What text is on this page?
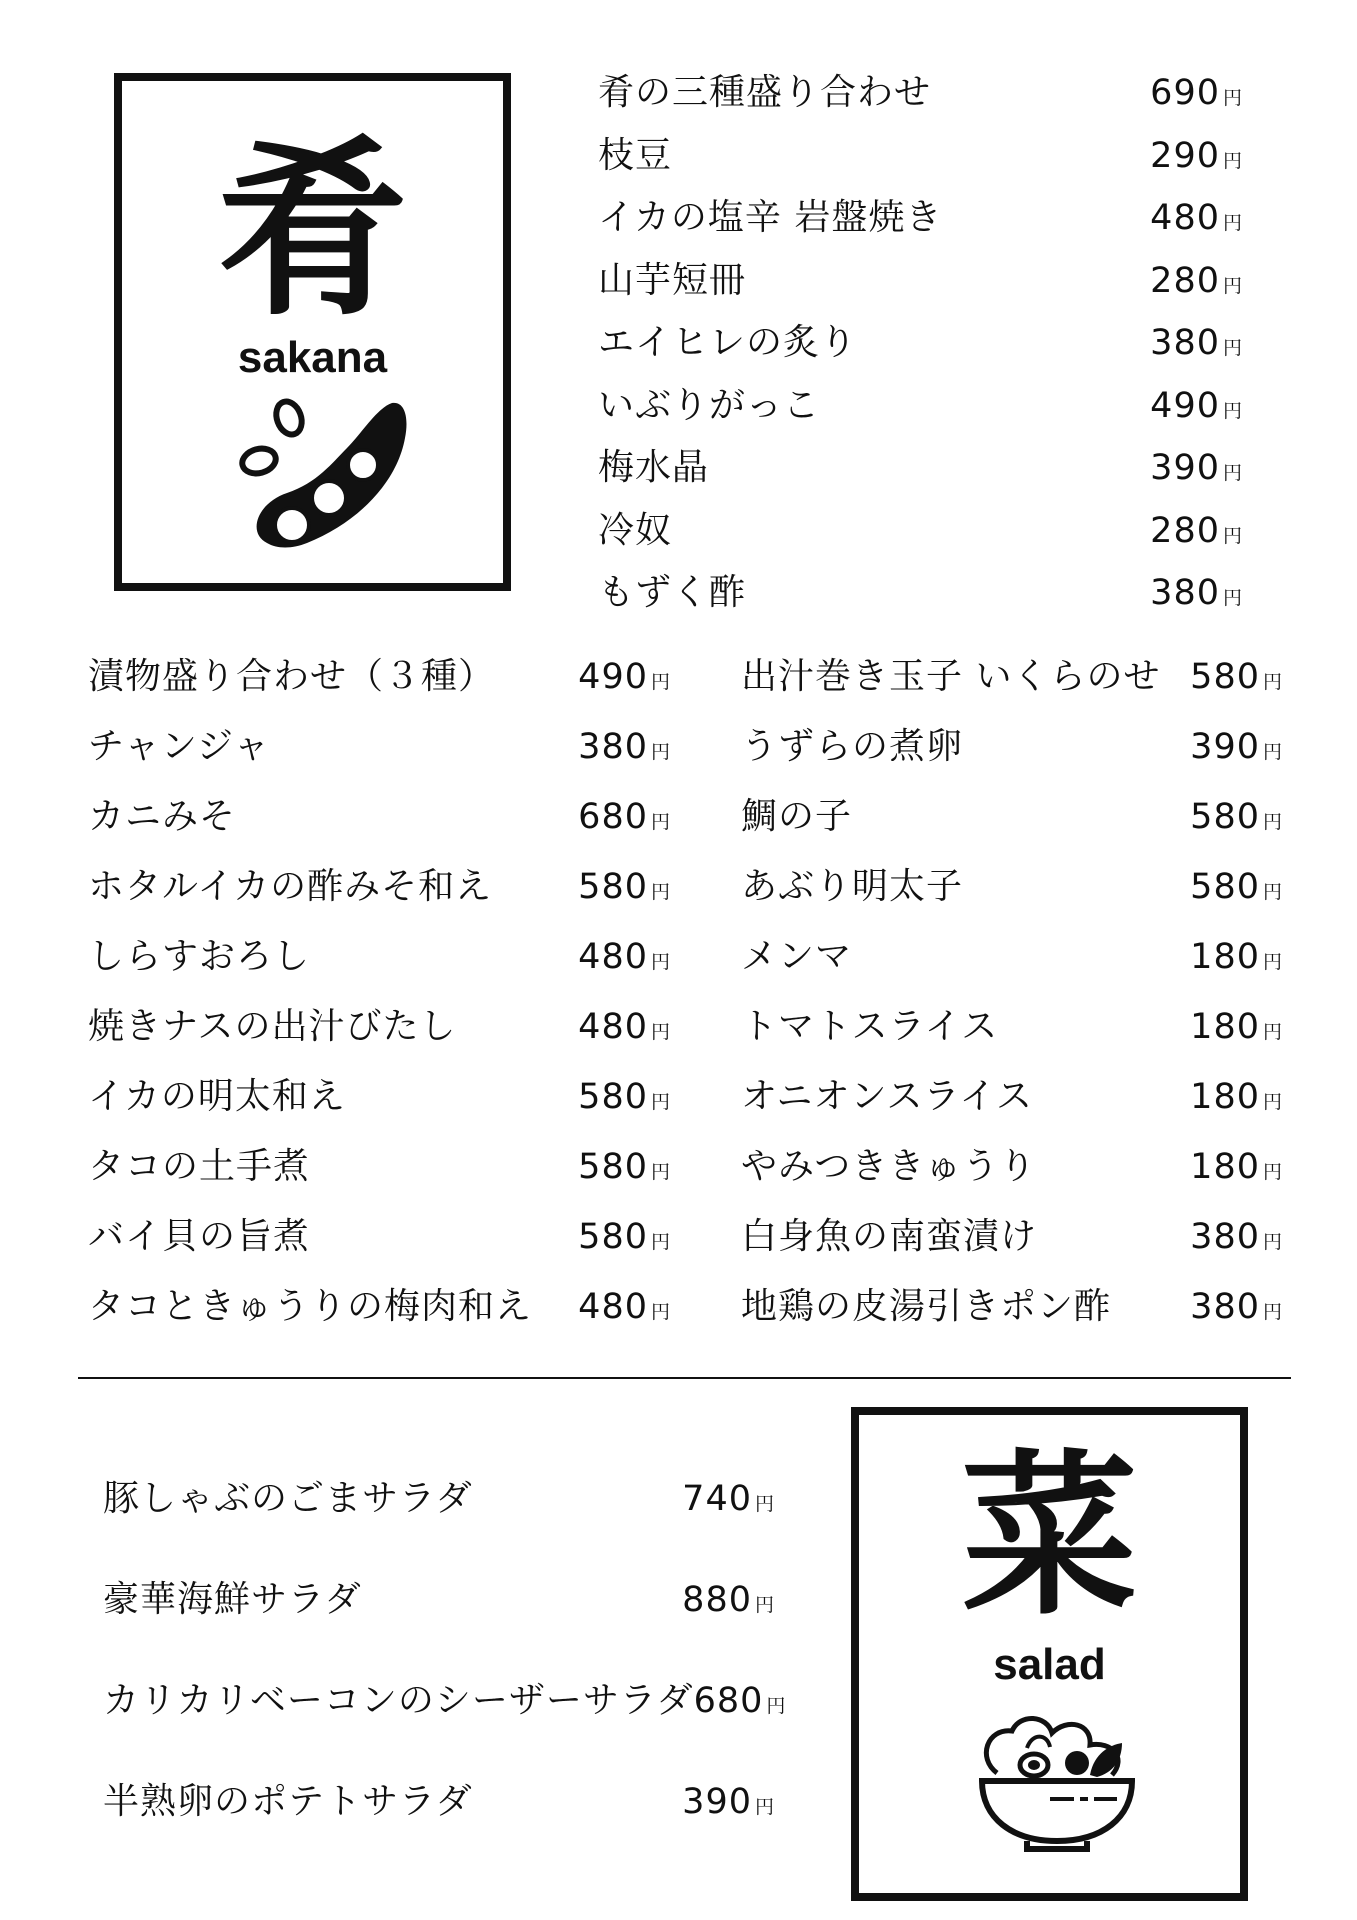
肴
sakana
肴の三種盛り合わせ	690 円
枝豆	290 円
イカの塩辛 岩盤焼き	480 円
山芋短冊	280 円
エイヒレの炙り	380 円
いぶりがっこ	490 円
梅水晶	390 円
冷奴	280 円
もずく酢	380 円
漬物盛り合わせ（３種） 490 円
チャンジャ	380 円
カニみそ	680 円
ホタルイカの酢みそ和え 580 円
しらすおろし	480 円
焼きナスの出汁びたし	480 円
イカの明太和え	580 円
タコの土手煮	580 円
バイ貝の旨煮	580 円
タコときゅうりの梅肉和え 480 円
出汁巻き玉子 いくらのせ 580 円
うずらの煮卵	390 円
鯛の子	580 円
あぶり明太子	580 円
メンマ	180 円
トマトスライス	180 円
オニオンスライス	180 円
やみつききゅうり	180 円
白身魚の南蛮漬け	380 円
地鶏の皮湯引きポン酢 380 円
豚しゃぶのごまサラダ	740 円
豪華海鮮サラダ	880 円
カリカリベーコンのシーザーサラダ 680 円
半熟卵のポテトサラダ	390 円
菜
salad
